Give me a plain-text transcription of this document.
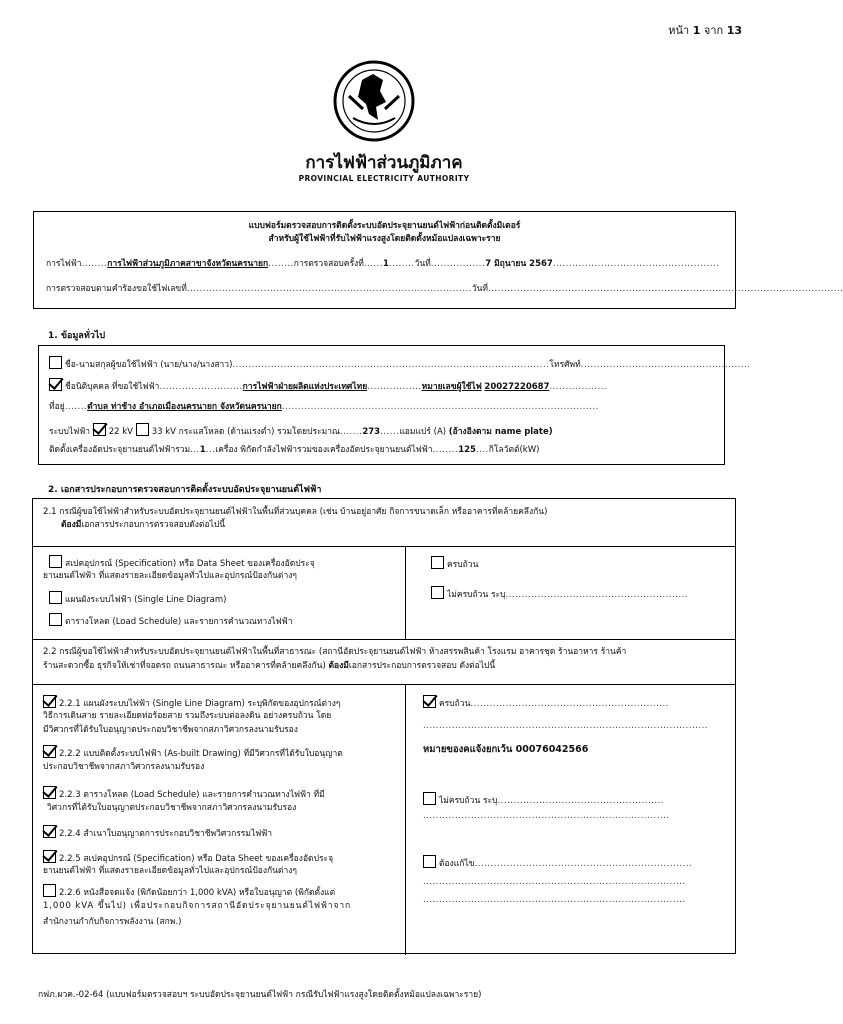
หน้า 1 จาก 13
การไฟฟ้าส่วนภูมิภาค
PROVINCIAL ELECTRICITY AUTHORITY
แบบฟอร์มตรวจสอบการติดตั้งระบบอัตประจุยานยนต์ไฟฟ้าก่อนติดตั้งมิเตอร์
สำหรับผู้ใช้ไฟฟ้าที่รับไฟฟ้าแรงสูงโดยติดตั้งหม้อแปลงเฉพาะราย
การไฟฟ้า........การไฟฟ้าส่วนภูมิภาคสาขาจังหวัดนครนายก........การตรวจสอบครั้งที่......1........วันที่.................7 มิถุนายน 2567....................................................
การตรวจสอบตามคำร้องขอใช้ไฟเลขที่.........................................................................................วันที่...............................................................................................................
1. ข้อมูลทั่วไป
ชื่อ-นามสกุลผู้ขอใช้ไฟฟ้า (นาย/นาง/นางสาว)...................................................................................................โทรศัพท์.....................................................
ชื่อนิติบุคคล ที่ขอใช้ไฟฟ้า..........................การไฟฟ้าฝ่ายผลิตแห่งประเทศไทย.................หมายเลขผู้ใช้ไฟ 20027220687..................
ที่อยู่.......ตำบล ท่าช้าง อำเภอเมืองนครนายก จังหวัดนครนายก...................................................................................................
ระบบไฟฟ้า 22 kV 33 kV กระแสโหลด (ด้านแรงต่ำ) รวมโดยประมาณ.......273......แอมแปร์ (A) (อ้างอิงตาม name plate)
ติดตั้งเครื่องอัดประจุยานยนต์ไฟฟ้ารวม...1...เครื่อง พิกัดกำลังไฟฟ้ารวมของเครื่องอัดประจุยานยนต์ไฟฟ้า........125....กิโลวัตต์(kW)
2. เอกสารประกอบการตรวจสอบการติดตั้งระบบอัดประจุยานยนต์ไฟฟ้า
2.1 กรณีผู้ขอใช้ไฟฟ้าสำหรับระบบอัดประจุยานยนต์ไฟฟ้าในพื้นที่ส่วนบุคคล (เช่น บ้านอยู่อาศัย กิจการขนาดเล็ก หรืออาคารที่คล้ายคลึงกัน)
ต้องมีเอกสารประกอบการตรวจสอบดังต่อไปนี้
สเปคอุปกรณ์ (Specification) หรือ Data Sheet ของเครื่องอัดประจุ
ยานยนต์ไฟฟ้า ที่แสดงรายละเอียดข้อมูลทั่วไปและอุปกรณ์ป้องกันต่างๆ
แผนผังระบบไฟฟ้า (Single Line Diagram)
ตารางโหลด (Load Schedule) และรายการคำนวณทางไฟฟ้า
ครบถ้วน
ไม่ครบถ้วน ระบุ.........................................................
2.2 กรณีผู้ขอใช้ไฟฟ้าสำหรับระบบอัดประจุยานยนต์ไฟฟ้าในพื้นที่สาธารณะ (สถานีอัดประจุยานยนต์ไฟฟ้า ห้างสรรพสินค้า โรงแรม อาคารชุด ร้านอาหาร ร้านค้า
ร้านสะดวกซื้อ ธุรกิจให้เช่าที่จอดรถ ถนนสาธารณะ หรืออาคารที่คล้ายคลึงกัน) ต้องมีเอกสารประกอบการตรวจสอบ ดังต่อไปนี้
2.2.1 แผนผังระบบไฟฟ้า (Single Line Diagram) ระบุพิกัดของอุปกรณ์ต่างๆ
วิธีการเดินสาย รายละเอียดท่อร้อยสาย รวมถึงระบบต่อลงดิน อย่างครบถ้วน โดย
มีวิศวกรที่ได้รับใบอนุญาตประกอบวิชาชีพจากสภาวิศวกรลงนามรับรอง
2.2.2 แบบติดตั้งระบบไฟฟ้า (As-built Drawing) ที่มีวิศวกรที่ได้รับใบอนุญาต
ประกอบวิชาชีพจากสภาวิศวกรลงนามรับรอง
2.2.3 ตารางโหลด (Load Schedule) และรายการคำนวณทางไฟฟ้า ที่มี
วิศวกรที่ได้รับใบอนุญาตประกอบวิชาชีพจากสภาวิศวกรลงนามรับรอง
2.2.4 สำเนาใบอนุญาตการประกอบวิชาชีพวิศวกรรมไฟฟ้า
2.2.5 สเปคอุปกรณ์ (Specification) หรือ Data Sheet ของเครื่องอัดประจุ
ยานยนต์ไฟฟ้า ที่แสดงรายละเอียดข้อมูลทั่วไปและอุปกรณ์ป้องกันต่างๆ
2.2.6 หนังสือจดแจ้ง (พิกัดน้อยกว่า 1,000 kVA) หรือใบอนุญาต (พิกัดตั้งแต่
1,000 kVA ขึ้นไป) เพื่อประกอบกิจการสถานีอัดประจุยานยนต์ไฟฟ้าจาก
สำนักงานกำกับกิจการพลังงาน (สกพ.)
ครบถ้วน..............................................................
.........................................................................................
หมายของคแจ้งยกเว้น 00076042566
ไม่ครบถ้วน ระบุ....................................................
.............................................................................
ต้องแก้ไข....................................................................
..................................................................................
..................................................................................
กฟภ.ผวค.-02-64 (แบบฟอร์มตรวจสอบฯ ระบบอัดประจุยานยนต์ไฟฟ้า กรณีรับไฟฟ้าแรงสูงโดยติดตั้งหม้อแปลงเฉพาะราย)
